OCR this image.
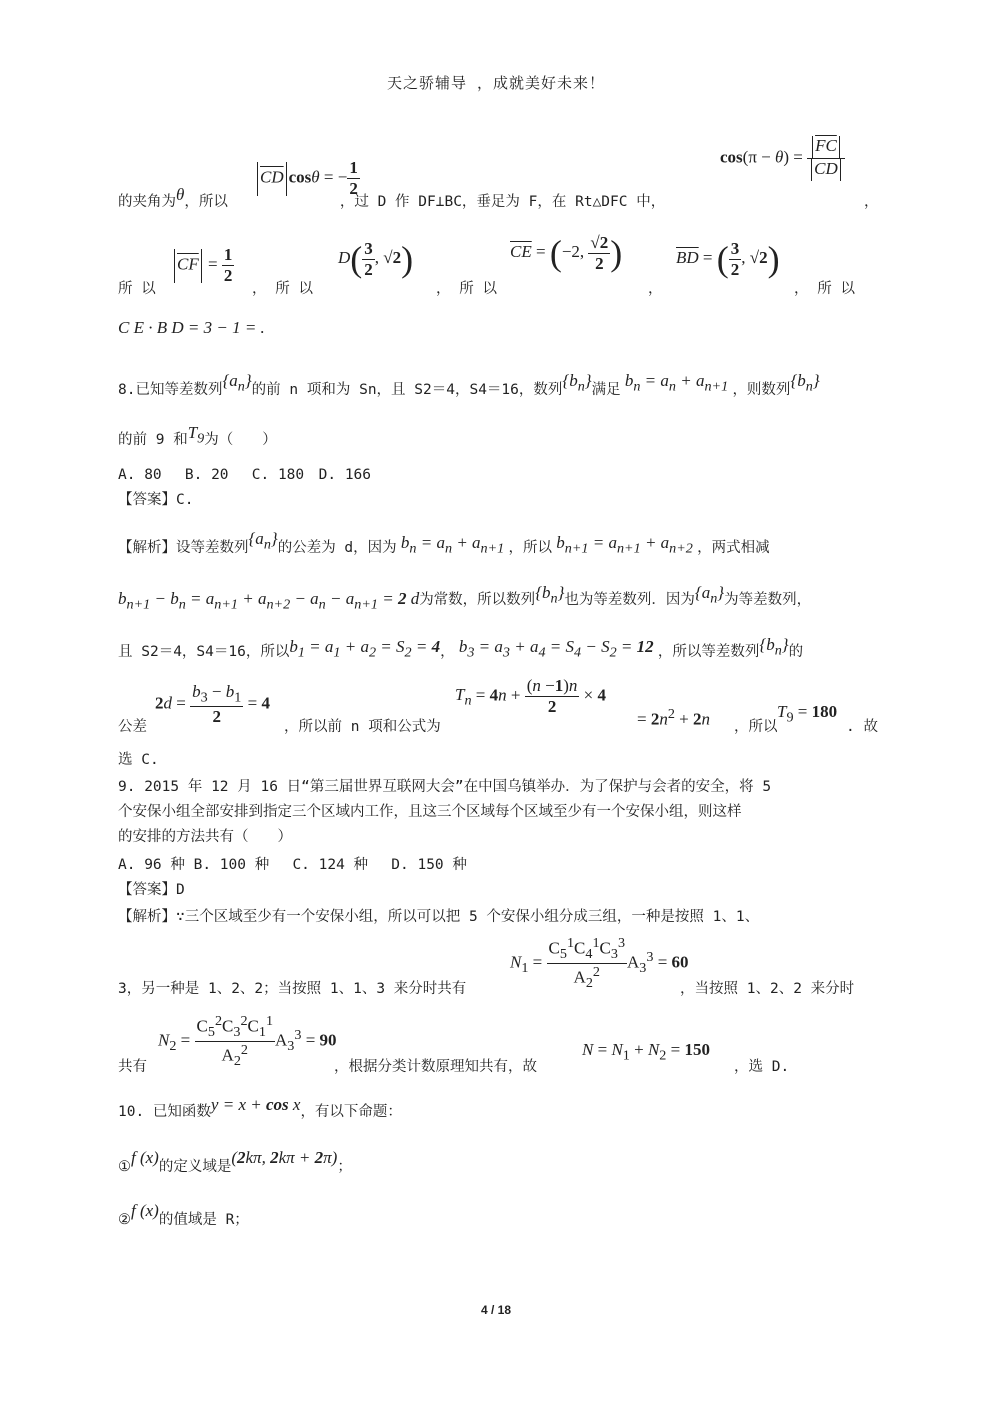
天之骄辅导 ，成就美好未来！
$\overline{CD}$ cosθ = − $\frac{1}{2}$
$\cos(\pi - \theta) = \frac{\overline{FC}}{\overline{CD}}$
的夹角为θ，所以	，过 D 作 DF⊥BC，垂足为 F，在 Rt△DFC 中，	，
$\overline{CF} = \frac{1}{2}$	$D( \frac{3}{2}$ , √2)	$\overline{CE} = (-2$, $\frac{√2}{2}$ )	$\overline{BD}$ = ( $\frac{3}{2}$ , √2)
所 以	， 所 以	， 所 以	，	， 所 以
C E · B D = 3 − 1 = .
8.已知等差数列$\{a_n\}$的前 n 项和为 Sn，且 S2＝4，S4＝16，数列$\{b_n\}$满足 $b_n = a_n + a_{n+1}$ ，则数列$\{b_n\}$
的前 9 和$T_9$为（　　）
A. 80　 B. 20　 C. 180　D. 166
【答案】C.
【解析】设等差数列$\{a_n\}$的公差为 d，因为 $b_n = a_n + a_{n+1}$ ，所以 $b_{n+1} = a_{n+1} + a_{n+2}$ ，两式相减
$b_{n+1} - b_n = a_{n+1} + a_{n+2} - a_n - a_{n+1} = 2$ d为常数，所以数列$\{b_n\}$也为等差数列．因为$\{a_n\}$为等差数列，
且 S2＝4，S4＝16，所以$b_1 = a_1 + a_2 = S_2 = 4$， $b_3 = a_3 + a_4 = S_4 - S_2 = 12$ ，所以等差数列$\{b_n\}$的
$2d = \frac{b_3 - b_1}{2} = 4$	$T_n = 4n + \frac{(n -1)n}{2} \times 4$
= $2n^2 + 2n$	$T_9 = 180$
公差	，所以前 n 项和公式为	，所以	. 故
选 C.
9. 2015 年 12 月 16 日“第三届世界互联网大会”在中国乌镇举办．为了保护与会者的安全，将 5
个安保小组全部安排到指定三个区域内工作，且这三个区域每个区域至少有一个安保小组，则这样
的安排的方法共有（　　）
A. 96 种 B. 100 种　 C. 124 种　 D. 150 种
【答案】D
【解析】∵三个区域至少有一个安保小组，所以可以把 5 个安保小组分成三组，一种是按照 1、1、
$N_1 = \frac{C_5^1C_4^1C_3^3}{A_2^2} A_3^3 = 60$
3，另一种是 1、2、2；当按照 1、1、3 来分时共有	，当按照 1、2、2 来分时
$N_2 = \frac{C_5^2C_3^2C_1^1}{A_2^2} A_3^3 = 90$
$N = N_1 + N_2 = 150$
共有	，根据分类计数原理知共有，故	，选 D.
10. 已知函数y = x + cos x，有以下命题：
①f (x)的定义域是(2kπ, 2kπ + 2π)；
②f (x)的值域是 R；
4 / 18
